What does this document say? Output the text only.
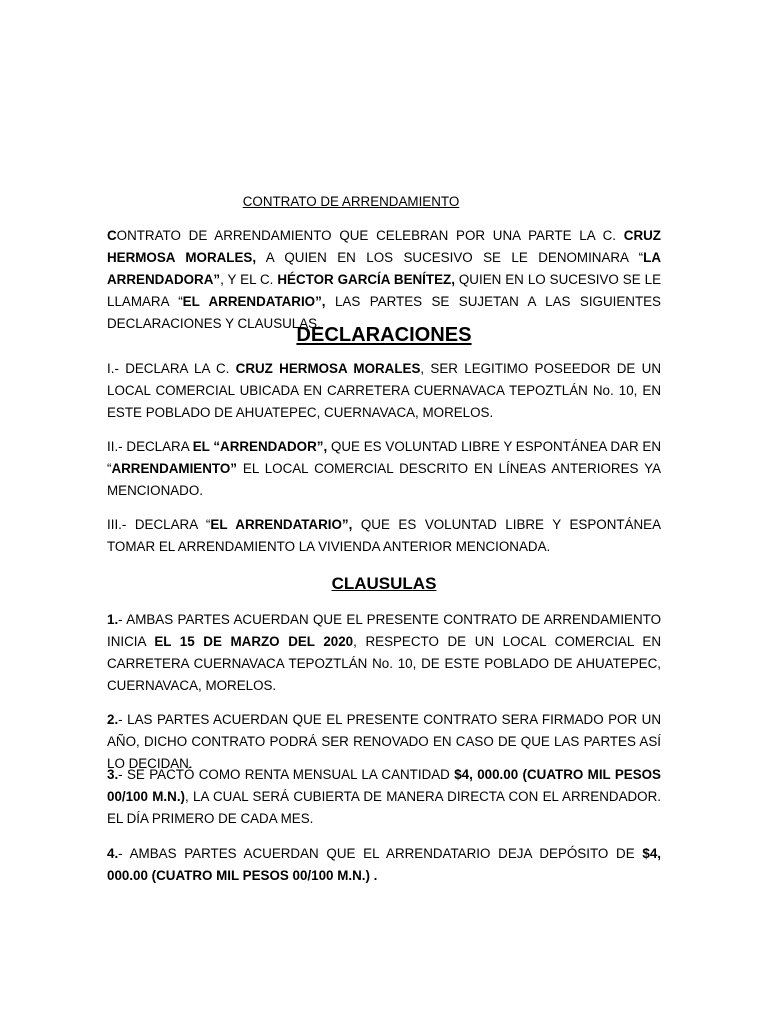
CONTRATO DE ARRENDAMIENTO

CONTRATO DE ARRENDAMIENTO QUE CELEBRAN POR UNA PARTE LA C. CRUZ HERMOSA MORALES, A QUIEN EN LOS SUCESIVO SE LE DENOMINARA “LA ARRENDADORA”, Y EL C. HÉCTOR GARCÍA BENÍTEZ, QUIEN EN LO SUCESIVO SE LE LLAMARA “EL ARRENDATARIO”, LAS PARTES SE SUJETAN A LAS SIGUIENTES DECLARACIONES Y CLAUSULAS.

DECLARACIONES

I.- DECLARA LA C. CRUZ HERMOSA MORALES, SER LEGITIMO POSEEDOR DE UN LOCAL COMERCIAL UBICADA EN CARRETERA CUERNAVACA TEPOZTLÁN No. 10, EN ESTE POBLADO DE AHUATEPEC, CUERNAVACA, MORELOS.

II.- DECLARA EL “ARRENDADOR”, QUE ES VOLUNTAD LIBRE Y ESPONTÁNEA DAR EN “ARRENDAMIENTO” EL LOCAL COMERCIAL DESCRITO EN LÍNEAS ANTERIORES YA MENCIONADO.

III.- DECLARA “EL ARRENDATARIO”, QUE ES VOLUNTAD LIBRE Y ESPONTÁNEA TOMAR EL ARRENDAMIENTO LA VIVIENDA ANTERIOR MENCIONADA.

CLAUSULAS

1.- AMBAS PARTES ACUERDAN QUE EL PRESENTE CONTRATO DE ARRENDAMIENTO INICIA EL 15 DE MARZO DEL 2020, RESPECTO DE UN LOCAL COMERCIAL EN CARRETERA CUERNAVACA TEPOZTLÁN No. 10, DE ESTE POBLADO DE AHUATEPEC, CUERNAVACA, MORELOS.

2.- LAS PARTES ACUERDAN QUE EL PRESENTE CONTRATO SERA FIRMADO POR UN AÑO, DICHO CONTRATO PODRÁ SER RENOVADO EN CASO DE QUE LAS PARTES ASÍ LO DECIDAN.

3.- SE PACTÓ COMO RENTA MENSUAL LA CANTIDAD $4, 000.00 (CUATRO MIL PESOS 00/100 M.N.), LA CUAL SERÁ CUBIERTA DE MANERA DIRECTA CON EL ARRENDADOR. EL DÍA PRIMERO DE CADA MES.

4.- AMBAS PARTES ACUERDAN QUE EL ARRENDATARIO DEJA DEPÓSITO DE $4, 000.00 (CUATRO MIL PESOS 00/100 M.N.) .
